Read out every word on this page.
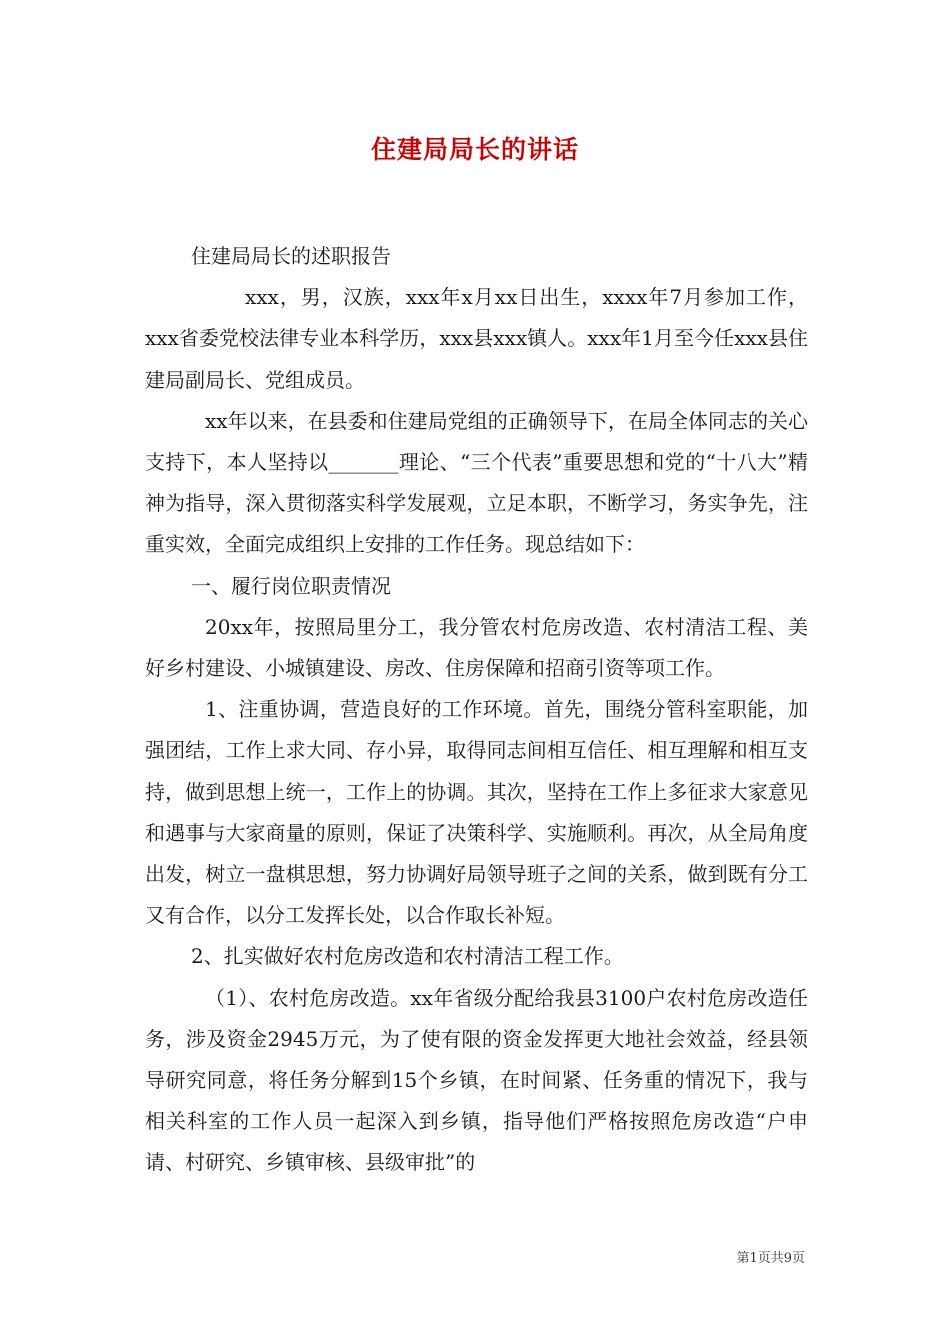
住建局局长的讲话

住建局局长的述职报告

xxx，男，汉族，xxx年x月xx日出生，xxxx年7月参加工作，xxx省委党校法律专业本科学历，xxx县xxx镇人。xxx年1月至今任xxx县住建局副局长、党组成员。

xx年以来，在县委和住建局党组的正确领导下，在局全体同志的关心支持下，本人坚持以_______理论、“三个代表”重要思想和党的“十八大”精神为指导，深入贯彻落实科学发展观，立足本职，不断学习，务实争先，注重实效，全面完成组织上安排的工作任务。现总结如下：

一、履行岗位职责情况

20xx年，按照局里分工，我分管农村危房改造、农村清洁工程、美好乡村建设、小城镇建设、房改、住房保障和招商引资等项工作。

1、注重协调，营造良好的工作环境。首先，围绕分管科室职能，加强团结，工作上求大同、存小异，取得同志间相互信任、相互理解和相互支持，做到思想上统一，工作上的协调。其次，坚持在工作上多征求大家意见和遇事与大家商量的原则，保证了决策科学、实施顺利。再次，从全局角度出发，树立一盘棋思想，努力协调好局领导班子之间的关系，做到既有分工又有合作，以分工发挥长处，以合作取长补短。

2、扎实做好农村危房改造和农村清洁工程工作。

（1）、农村危房改造。xx年省级分配给我县3100户农村危房改造任务，涉及资金2945万元，为了使有限的资金发挥更大地社会效益，经县领导研究同意，将任务分解到15个乡镇，在时间紧、任务重的情况下，我与相关科室的工作人员一起深入到乡镇，指导他们严格按照危房改造“户申请、村研究、乡镇审核、县级审批”的

第1页共9页
